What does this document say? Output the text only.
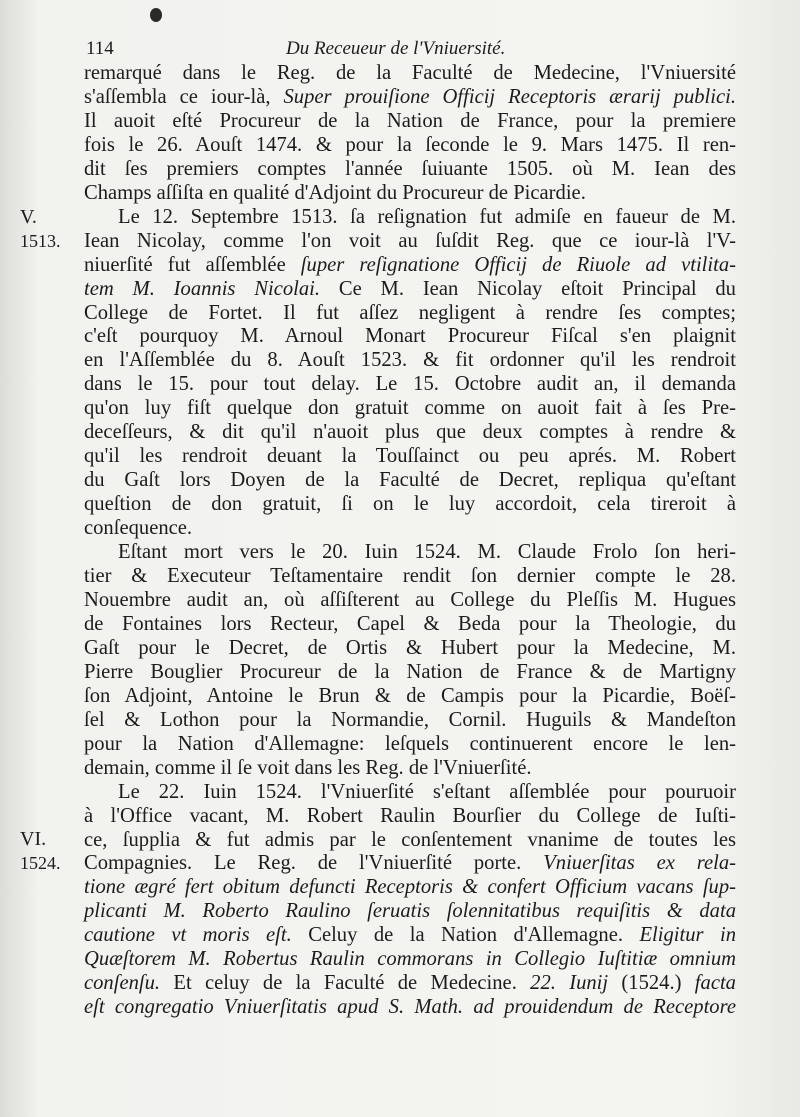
114	Du Receueur de l'Vniuersité.
V.
1513.
VI.
1524.
remarqué dans le Reg. de la Faculté de Medecine, l'Vniuersité
s'aſſembla ce iour-là, Super prouiſione Officij Receptoris ærarij publici.
Il auoit eſté Procureur de la Nation de France, pour la premiere
fois le 26. Aouſt 1474. & pour la ſeconde le 9. Mars 1475. Il ren-
dit ſes premiers comptes l'année ſuiuante 1505. où M. Iean des
Champs aſſiſta en qualité d'Adjoint du Procureur de Picardie.
Le 12. Septembre 1513. ſa reſignation fut admiſe en faueur de M.
Iean Nicolay, comme l'on voit au ſuſdit Reg. que ce iour-là l'V-
niuerſité fut aſſemblée ſuper reſignatione Officij de Riuole ad vtilita-
tem M. Ioannis Nicolai. Ce M. Iean Nicolay eſtoit Principal du
College de Fortet. Il fut aſſez negligent à rendre ſes comptes;
c'eſt pourquoy M. Arnoul Monart Procureur Fiſcal s'en plaignit
en l'Aſſemblée du 8. Aouſt 1523. & fit ordonner qu'il les rendroit
dans le 15. pour tout delay. Le 15. Octobre audit an, il demanda
qu'on luy fiſt quelque don gratuit comme on auoit fait à ſes Pre-
deceſſeurs, & dit qu'il n'auoit plus que deux comptes à rendre &
qu'il les rendroit deuant la Touſſainct ou peu aprés. M. Robert
du Gaſt lors Doyen de la Faculté de Decret, repliqua qu'eſtant
queſtion de don gratuit, ſi on le luy accordoit, cela tireroit à
conſequence.
Eſtant mort vers le 20. Iuin 1524. M. Claude Frolo ſon heri-
tier & Executeur Teſtamentaire rendit ſon dernier compte le 28.
Nouembre audit an, où aſſiſterent au College du Pleſſis M. Hugues
de Fontaines lors Recteur, Capel & Beda pour la Theologie, du
Gaſt pour le Decret, de Ortis & Hubert pour la Medecine, M.
Pierre Bouglier Procureur de la Nation de France & de Martigny
ſon Adjoint, Antoine le Brun & de Campis pour la Picardie, Boëſ-
ſel & Lothon pour la Normandie, Cornil. Huguils & Mandeſton
pour la Nation d'Allemagne: leſquels continuerent encore le len-
demain, comme il ſe voit dans les Reg. de l'Vniuerſité.
Le 22. Iuin 1524. l'Vniuerſité s'eſtant aſſemblée pour pouruoir
à l'Office vacant, M. Robert Raulin Bourſier du College de Iuſti-
ce, ſupplia & fut admis par le conſentement vnanime de toutes les
Compagnies. Le Reg. de l'Vniuerſité porte. Vniuerſitas ex rela-
tione ægré fert obitum defuncti Receptoris & confert Officium vacans ſup-
plicanti M. Roberto Raulino ſeruatis ſolennitatibus requiſitis & data
cautione vt moris eſt. Celuy de la Nation d'Allemagne. Eligitur in
Quæſtorem M. Robertus Raulin commorans in Collegio Iuſtitiæ omnium
conſenſu. Et celuy de la Faculté de Medecine. 22. Iunij (1524.) facta
eſt congregatio Vniuerſitatis apud S. Math. ad prouidendum de Receptore
